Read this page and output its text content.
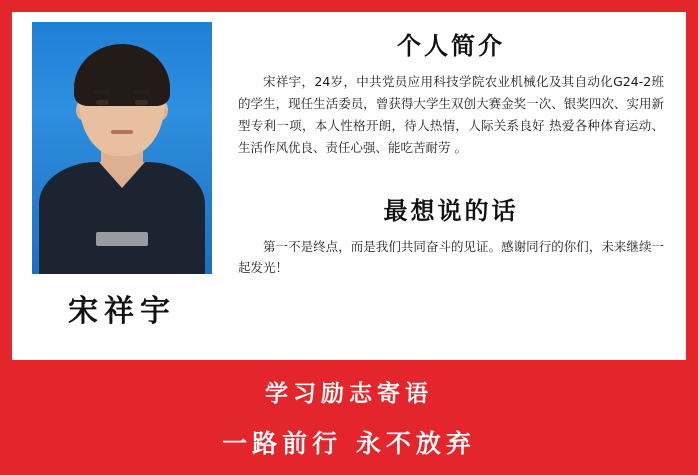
宋祥宇
个人简介
宋祥宇，24岁，中共党员应用科技学院农业机械化及其自动化G24-2班的学生，现任生活委员，曾获得大学生双创大赛金奖一次、银奖四次、实用新型专利一项，本人性格开朗，待人热情，人际关系良好 热爱各种体育运动、生活作风优良、责任心强、能吃苦耐劳 。
最想说的话
第一不是终点，而是我们共同奋斗的见证。感谢同行的你们，未来继续一起发光！
学习励志寄语
一路前行 永不放弃
